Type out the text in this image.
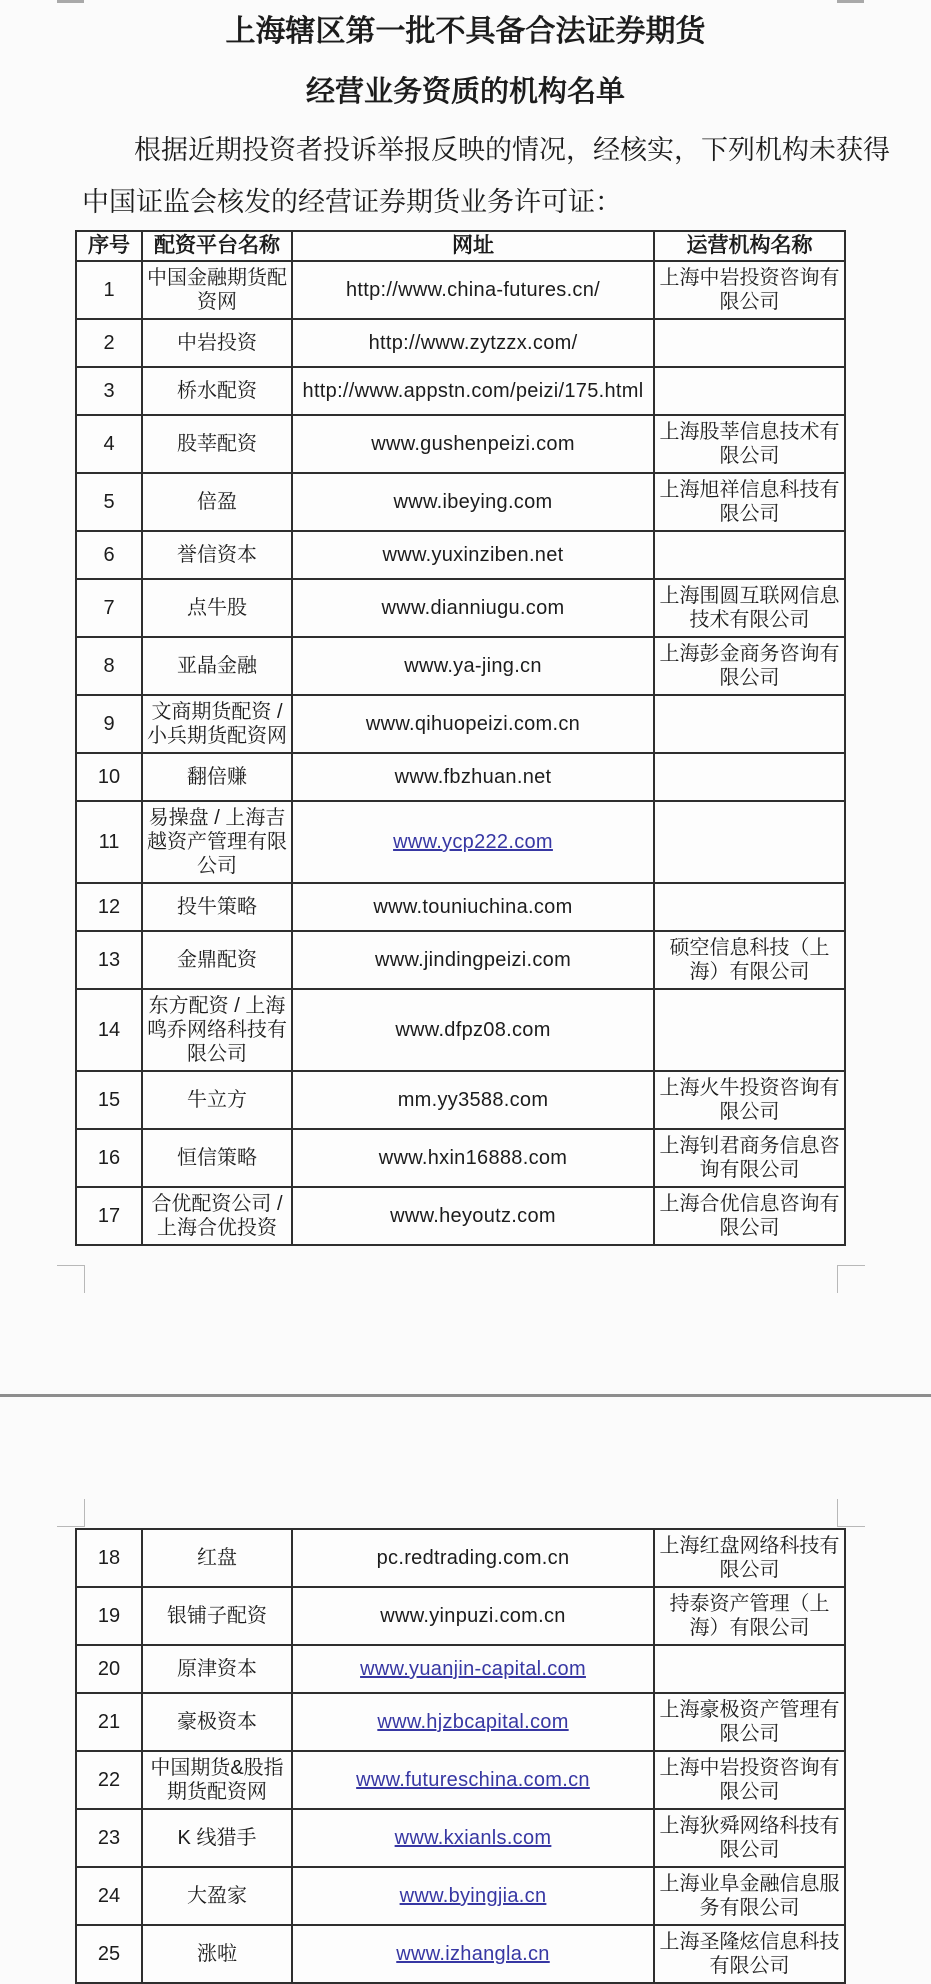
上海辖区第一批不具备合法证券期货
经营业务资质的机构名单

根据近期投资者投诉举报反映的情况，经核实，下列机构未获得

中国证监会核发的经营证券期货业务许可证：

序号	配资平台名称	网址	运营机构名称
1	中国金融期货配资网	http://www.china-futures.cn/	上海中岩投资咨询有限公司
2	中岩投资	http://www.zytzzx.com/	
3	桥水配资	http://www.appstn.com/peizi/175.html	
4	股莘配资	www.gushenpeizi.com	上海股莘信息技术有限公司
5	倍盈	www.ibeying.com	上海旭祥信息科技有限公司
6	誉信资本	www.yuxinziben.net	
7	点牛股	www.dianniugu.com	上海围圆互联网信息技术有限公司
8	亚晶金融	www.ya-jing.cn	上海彭金商务咨询有限公司
9	文商期货配资 / 小兵期货配资网	www.qihuopeizi.com.cn	
10	翻倍赚	www.fbzhuan.net	
11	易操盘 / 上海吉越资产管理有限公司	www.ycp222.com	
12	投牛策略	www.touniuchina.com	
13	金鼎配资	www.jindingpeizi.com	硕空信息科技（上海）有限公司
14	东方配资 / 上海鸣乔网络科技有限公司	www.dfpz08.com	
15	牛立方	mm.yy3588.com	上海火牛投资咨询有限公司
16	恒信策略	www.hxin16888.com	上海钊君商务信息咨询有限公司
17	合优配资公司 / 上海合优投资	www.heyoutz.com	上海合优信息咨询有限公司
18	红盘	pc.redtrading.com.cn	上海红盘网络科技有限公司
19	银铺子配资	www.yinpuzi.com.cn	持泰资产管理（上海）有限公司
20	原津资本	www.yuanjin-capital.com	
21	豪极资本	www.hjzbcapital.com	上海豪极资产管理有限公司
22	中国期货&股指期货配资网	www.futureschina.com.cn	上海中岩投资咨询有限公司
23	K 线猎手	www.kxianls.com	上海狄舜网络科技有限公司
24	大盈家	www.byingjia.cn	上海业阜金融信息服务有限公司
25	涨啦	www.izhangla.cn	上海圣隆炫信息科技有限公司
